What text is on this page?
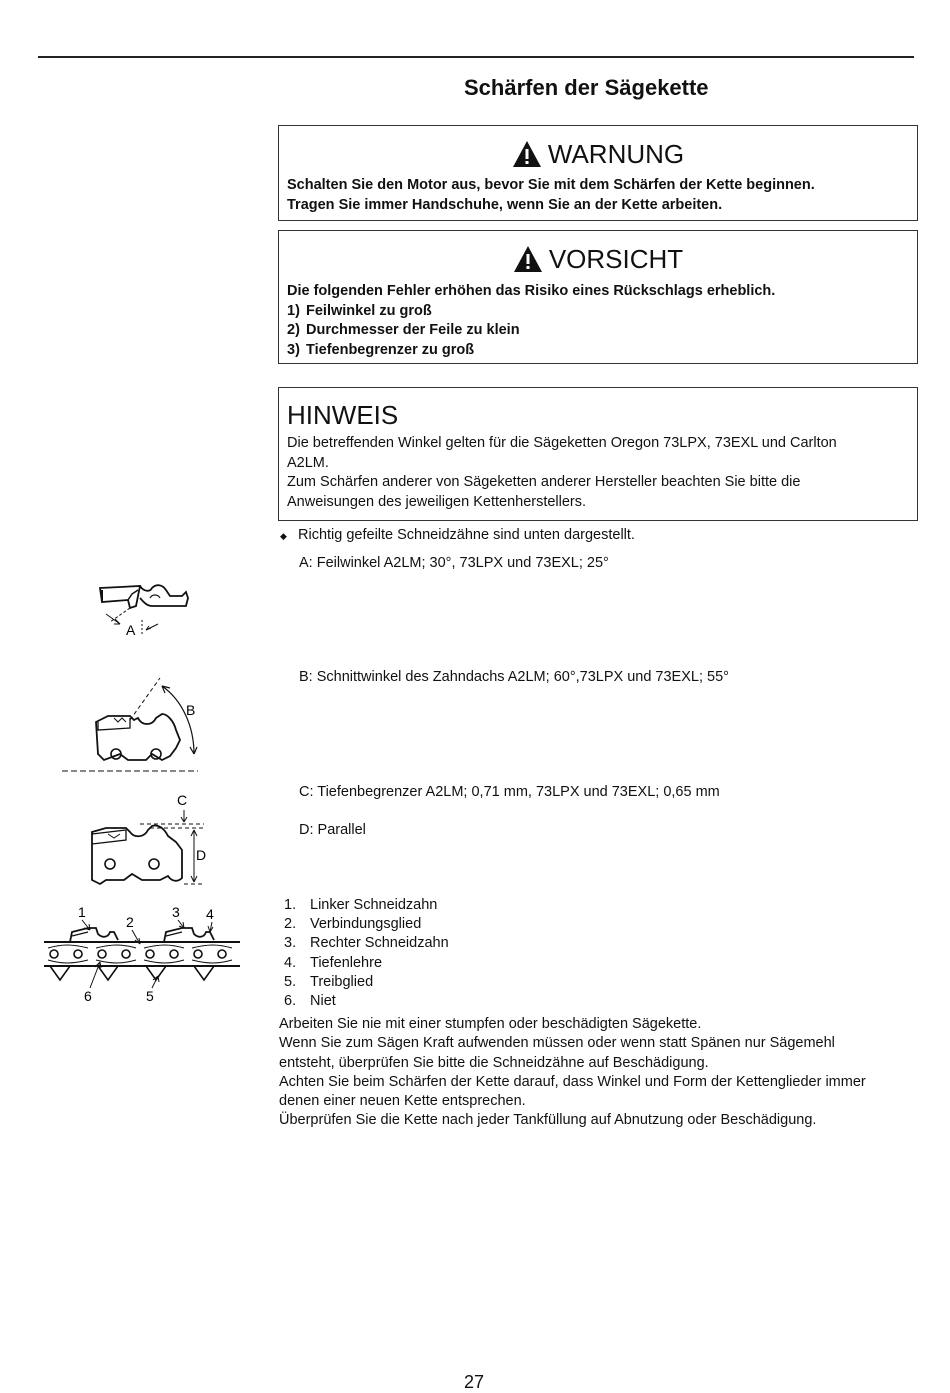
Schärfen der Sägekette
WARNUNG
Schalten Sie den Motor aus, bevor Sie mit dem Schärfen der Kette beginnen.
Tragen Sie immer Handschuhe, wenn Sie an der Kette arbeiten.
VORSICHT
Die folgenden Fehler erhöhen das Risiko eines Rückschlags erheblich.
1) Feilwinkel zu groß
2) Durchmesser der Feile zu klein
3) Tiefenbegrenzer zu groß
HINWEIS
Die betreffenden Winkel gelten für die Sägeketten Oregon 73LPX, 73EXL und Carlton
A2LM.
Zum Schärfen anderer von Sägeketten anderer Hersteller beachten Sie bitte die
Anweisungen des jeweiligen Kettenherstellers.
◆ Richtig gefeilte Schneidzähne sind unten dargestellt.
A: Feilwinkel A2LM; 30°, 73LPX und 73EXL; 25°
B: Schnittwinkel des Zahndachs A2LM; 60°,73LPX und 73EXL; 55°
C: Tiefenbegrenzer A2LM; 0,71 mm, 73LPX und 73EXL; 0,65 mm
D: Parallel
A
B
C
D
1
2
3 4
6	5
1. Linker Schneidzahn
2. Verbindungsglied
3. Rechter Schneidzahn
4. Tiefenlehre
5. Treibglied
6. Niet
Arbeiten Sie nie mit einer stumpfen oder beschädigten Sägekette.
Wenn Sie zum Sägen Kraft aufwenden müssen oder wenn statt Spänen nur Sägemehl
entsteht, überprüfen Sie bitte die Schneidzähne auf Beschädigung.
Achten Sie beim Schärfen der Kette darauf, dass Winkel und Form der Kettenglieder immer
denen einer neuen Kette entsprechen.
Überprüfen Sie die Kette nach jeder Tankfüllung auf Abnutzung oder Beschädigung.
27
